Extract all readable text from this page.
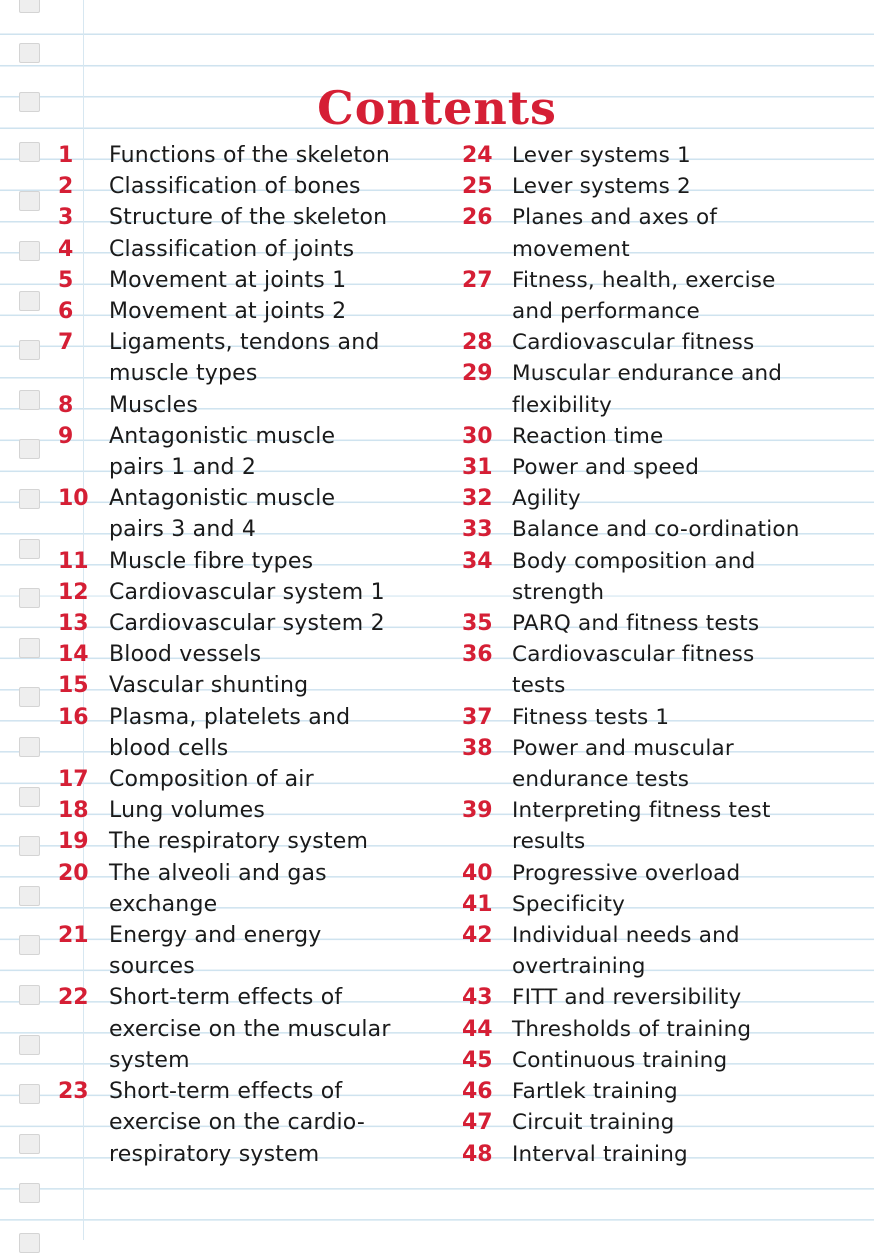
Contents
1	Functions of the skeleton
2	Classification of bones
3	Structure of the skeleton
4	Classification of joints
5	Movement at joints 1
6	Movement at joints 2
7	Ligaments, tendons and
muscle types
8	Muscles
9	Antagonistic muscle
pairs 1 and 2
10 Antagonistic muscle
pairs 3 and 4
11 Muscle fibre types
12 Cardiovascular system 1
13 Cardiovascular system 2
14 Blood vessels
15 Vascular shunting
16 Plasma, platelets and
blood cells
17 Composition of air
18 Lung volumes
19 The respiratory system
20 The alveoli and gas
exchange
21 Energy and energy
sources
22 Short-term effects of
exercise on the muscular
system
23 Short-term effects of
exercise on the cardio-
respiratory system
24 Lever systems 1
25 Lever systems 2
26 Planes and axes of
movement
27 Fitness, health, exercise
and performance
28 Cardiovascular fitness
29 Muscular endurance and
flexibility
30 Reaction time
31 Power and speed
32 Agility
33 Balance and co-ordination
34 Body composition and
strength
35 PARQ and fitness tests
36 Cardiovascular fitness
tests
37 Fitness tests 1
38 Power and muscular
endurance tests
39 Interpreting fitness test
results
40 Progressive overload
41 Specificity
42 Individual needs and
overtraining
43 FITT and reversibility
44 Thresholds of training
45 Continuous training
46 Fartlek training
47 Circuit training
48 Interval training
